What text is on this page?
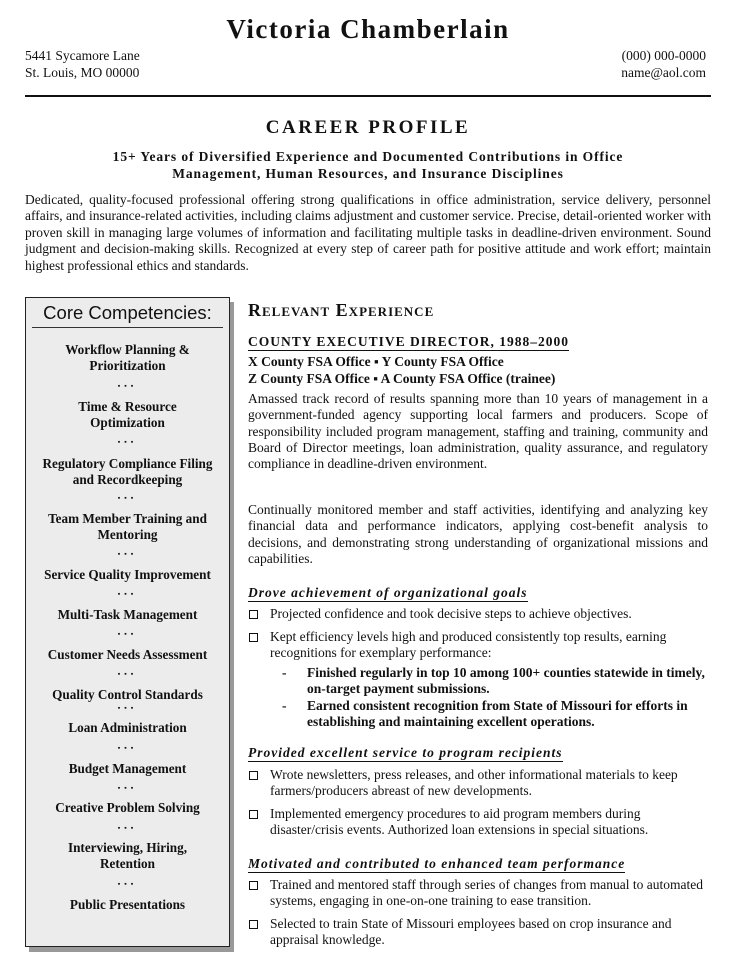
Victoria Chamberlain
5441 Sycamore Lane
St. Louis, MO 00000
(000) 000-0000
name@aol.com
CAREER PROFILE
15+ Years of Diversified Experience and Documented Contributions in Office
Management, Human Resources, and Insurance Disciplines
Dedicated, quality-focused professional offering strong qualifications in office administration, service delivery, personnel affairs, and insurance-related activities, including claims adjustment and customer service. Precise, detail-oriented worker with proven skill in managing large volumes of information and facilitating multiple tasks in deadline-driven environment. Sound judgment and decision-making skills. Recognized at every step of career path for positive attitude and work effort; maintain highest professional ethics and standards.
Core Competencies:
Workflow Planning &
Prioritization
▪▪▪
Time & Resource
Optimization
▪▪▪
Regulatory Compliance Filing
and Recordkeeping
▪▪▪
Team Member Training and
Mentoring
▪▪▪
Service Quality Improvement
▪▪▪
Multi-Task Management
▪▪▪
Customer Needs Assessment
▪▪▪
Quality Control Standards
▪▪▪
Loan Administration
▪▪▪
Budget Management
▪▪▪
Creative Problem Solving
▪▪▪
Interviewing, Hiring,
Retention
▪▪▪
Public Presentations
Relevant Experience
COUNTY EXECUTIVE DIRECTOR, 1988–2000
X County FSA Office ▪ Y County FSA Office
Z County FSA Office ▪ A County FSA Office (trainee)
Amassed track record of results spanning more than 10 years of management in a government-funded agency supporting local farmers and producers. Scope of responsibility included program management, staffing and training, community and Board of Director meetings, loan administration, quality assurance, and regulatory compliance in deadline-driven environment.
Continually monitored member and staff activities, identifying and analyzing key financial data and performance indicators, applying cost-benefit analysis to decisions, and demonstrating strong understanding of organizational missions and capabilities.
Drove achievement of organizational goals
Projected confidence and took decisive steps to achieve objectives.
Kept efficiency levels high and produced consistently top results, earning recognitions for exemplary performance:
- Finished regularly in top 10 among 100+ counties statewide in timely, on-target payment submissions.
- Earned consistent recognition from State of Missouri for efforts in establishing and maintaining excellent operations.
Provided excellent service to program recipients
Wrote newsletters, press releases, and other informational materials to keep farmers/producers abreast of new developments.
Implemented emergency procedures to aid program members during disaster/crisis events. Authorized loan extensions in special situations.
Motivated and contributed to enhanced team performance
Trained and mentored staff through series of changes from manual to automated systems, engaging in one-on-one training to ease transition.
Selected to train State of Missouri employees based on crop insurance and appraisal knowledge.
